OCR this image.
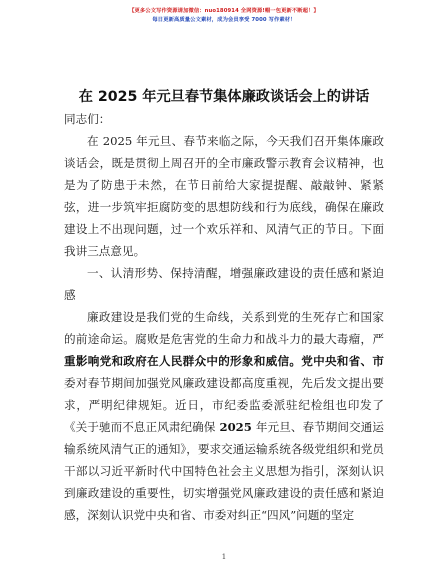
【更多公文写作资源请加微信：nuo180914 全网资源!帽一包更新不断超！】
每日更新高质量公文素材，成为会员享受 7000 写作素材！
在 2025 年元旦春节集体廉政谈话会上的讲话
同志们：

在 2025 年元旦、春节来临之际，今天我们召开集体廉政谈话会，既是贯彻上周召开的全市廉政警示教育会议精神，也是为了防患于未然，在节日前给大家提提醒、敲敲钟、紧紧弦，进一步筑牢拒腐防变的思想防线和行为底线，确保在廉政建设上不出现问题，过一个欢乐祥和、风清气正的节日。下面我讲三点意见。

一、认清形势、保持清醒，增强廉政建设的责任感和紧迫感

廉政建设是我们党的生命线，关系到党的生死存亡和国家的前途命运。腐败是危害党的生命力和战斗力的最大毒瘤，严重影响党和政府在人民群众中的形象和威信。党中央和省、市委对春节期间加强党风廉政建设都高度重视，先后发文提出要求，严明纪律规矩。近日，市纪委监委派驻纪检组也印发了《关于驰而不息正风肃纪确保 2025 年元旦、春节期间交通运输系统风清气正的通知》，要求交通运输系统各级党组织和党员干部以习近平新时代中国特色社会主义思想为指引，深刻认识到廉政建设的重要性，切实增强党风廉政建设的责任感和紧迫感，深刻认识党中央和省、市委对纠正“四风”问题的坚定

1
